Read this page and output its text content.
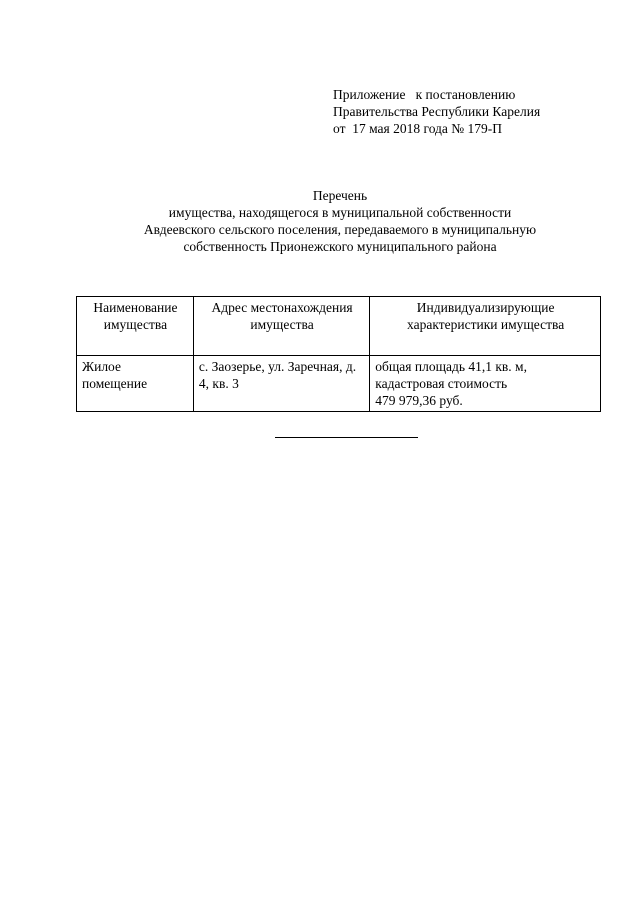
Приложение   к постановлению
Правительства Республики Карелия
от  17 мая 2018 года № 179-П
Перечень
имущества, находящегося в муниципальной собственности
Авдеевского сельского поселения, передаваемого в муниципальную
собственность Прионежского муниципального района
Наименование имущества	Адрес местонахождения имущества	Индивидуализирующие характеристики имущества
Жилое помещение	с. Заозерье, ул. Заречная, д. 4, кв. 3	общая площадь 41,1 кв. м,
кадастровая стоимость
479 979,36 руб.
